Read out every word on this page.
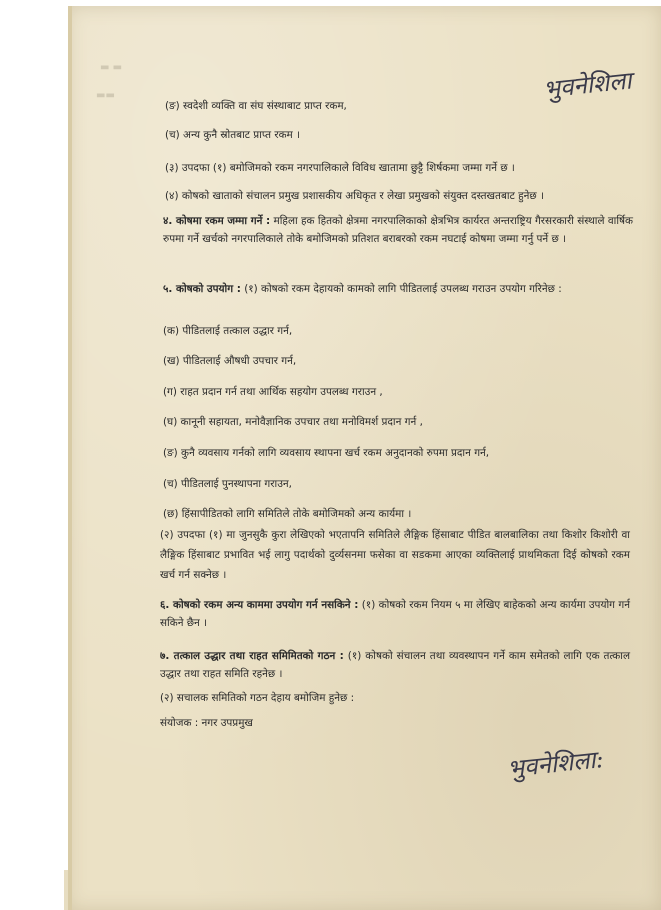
▬ ▬
▬▬	भुवनेशिला
(ङ) स्वदेशी व्यक्ति वा संघ संस्थाबाट प्राप्त रकम,
(च) अन्य कुनै स्रोतबाट प्राप्त रकम ।
(३) उपदफा (१) बमोजिमको रकम नगरपालिकाले विविध खातामा छुट्टै शिर्षकमा जम्मा गर्ने छ ।
(४) कोषको खाताको संचालन प्रमुख प्रशासकीय अधिकृत र लेखा प्रमुखको संयुक्त दस्तखतबाट हुनेछ ।
४. कोषमा रकम जम्मा गर्ने : महिला हक हितको क्षेत्रमा नगरपालिकाको क्षेत्रभित्र कार्यरत अन्तराष्ट्रिय गैरसरकारी संस्थाले वार्षिक रुपमा गर्ने खर्चको नगरपालिकाले तोके बमोजिमको प्रतिशत बराबरको रकम नघटाई कोषमा जम्मा गर्नु पर्ने छ ।
५. कोषको उपयोग : (१) कोषको रकम देहायको कामको लागि पीडितलाई उपलब्ध गराउन उपयोग गरिनेछ :
(क) पीडितलाई तत्काल उद्धार गर्न,
(ख) पीडितलाई औषधी उपचार गर्न,
(ग) राहत प्रदान गर्न तथा आर्थिक सहयोग उपलब्ध गराउन ,
(घ) कानूनी सहायता, मनोवैज्ञानिक उपचार तथा मनोविमर्श प्रदान गर्न ,
(ङ) कुनै व्यवसाय गर्नको लागि व्यवसाय स्थापना खर्च रकम अनुदानको रुपमा प्रदान गर्न,
(च) पीडितलाई पुनस्थापना गराउन,
(छ) हिंसापीडितको लागि समितिले तोके बमोजिमको अन्य कार्यमा ।
(२) उपदफा (१) मा जुनसुकै कुरा लेखिएको भएतापनि समितिले लैङ्गिक हिंसाबाट पीडित बालबालिका तथा किशोर किशोरी वा लैङ्गिक हिंसाबाट प्रभावित भई लागु पदार्थको दुर्व्यसनमा फसेका वा सडकमा आएका व्यक्तिलाई प्राथमिकता दिई कोषको रकम खर्च गर्न सक्नेछ ।
६. कोषको रकम अन्य काममा उपयोग गर्न नसकिने : (१) कोषको रकम नियम ५ मा लेखिए बाहेकको अन्य कार्यमा उपयोग गर्न सकिने छैन ।
७. तत्काल उद्धार तथा राहत समिमितको गठन : (१) कोषको संचालन तथा व्यवस्थापन गर्ने काम समेतको लागि एक तत्काल उद्धार तथा राहत समिति रहनेछ ।
(२) सचालक समितिको गठन देहाय बमोजिम हुनेछ :
संयोजक : नगर उपप्रमुख
भुवनेशिला:
